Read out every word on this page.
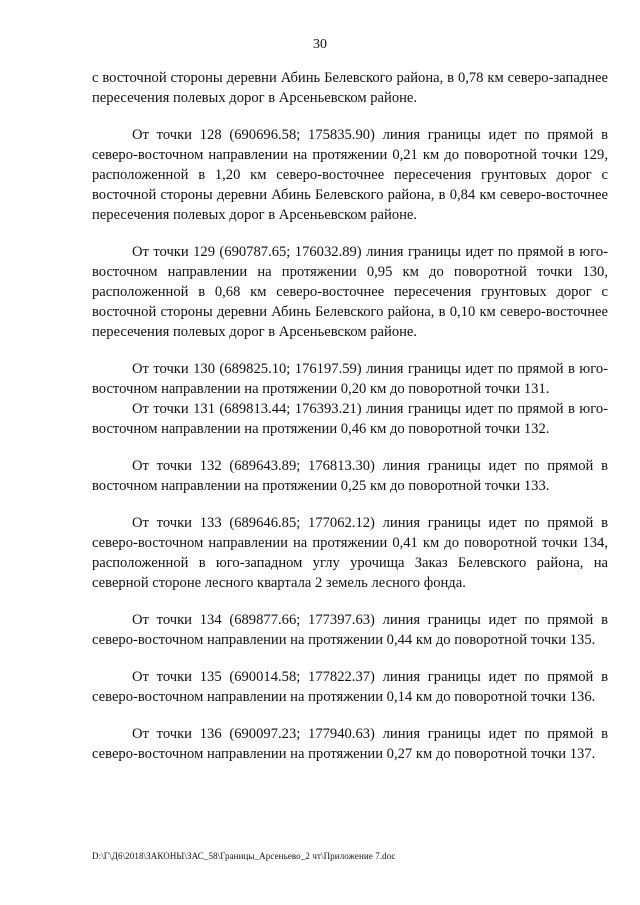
30

с восточной стороны деревни Абинь Белевского района, в 0,78 км северо-западнее пересечения полевых дорог в Арсеньевском районе.

От точки 128 (690696.58; 175835.90) линия границы идет по прямой в северо-восточном направлении на протяжении 0,21 км до поворотной точки 129, расположенной в 1,20 км северо-восточнее пересечения грунтовых дорог с восточной стороны деревни Абинь Белевского района, в 0,84 км северо-восточнее пересечения полевых дорог в Арсеньевском районе.

От точки 129 (690787.65; 176032.89) линия границы идет по прямой в юго-восточном направлении на протяжении 0,95 км до поворотной точки 130, расположенной в 0,68 км северо-восточнее пересечения грунтовых дорог с восточной стороны деревни Абинь Белевского района, в 0,10 км северо-восточнее пересечения полевых дорог в Арсеньевском районе.

От точки 130 (689825.10; 176197.59) линия границы идет по прямой в юго-восточном направлении на протяжении 0,20 км до поворотной точки 131.

От точки 131 (689813.44; 176393.21) линия границы идет по прямой в юго-восточном направлении на протяжении 0,46 км до поворотной точки 132.

От точки 132 (689643.89; 176813.30) линия границы идет по прямой в восточном направлении на протяжении 0,25 км до поворотной точки 133.

От точки 133 (689646.85; 177062.12) линия границы идет по прямой в северо-восточном направлении на протяжении 0,41 км до поворотной точки 134, расположенной в юго-западном углу урочища Заказ Белевского района, на северной стороне лесного квартала 2 земель лесного фонда.

От точки 134 (689877.66; 177397.63) линия границы идет по прямой в северо-восточном направлении на протяжении 0,44 км до поворотной точки 135.

От точки 135 (690014.58; 177822.37) линия границы идет по прямой в северо-восточном направлении на протяжении 0,14 км до поворотной точки 136.

От точки 136 (690097.23; 177940.63) линия границы идет по прямой в северо-восточном направлении на протяжении 0,27 км до поворотной точки 137.

D:\Г\Д6\2018\ЗАКОНЫ\ЗАС_58\Границы_Арсеньево_2 чт\Приложение 7.doc
